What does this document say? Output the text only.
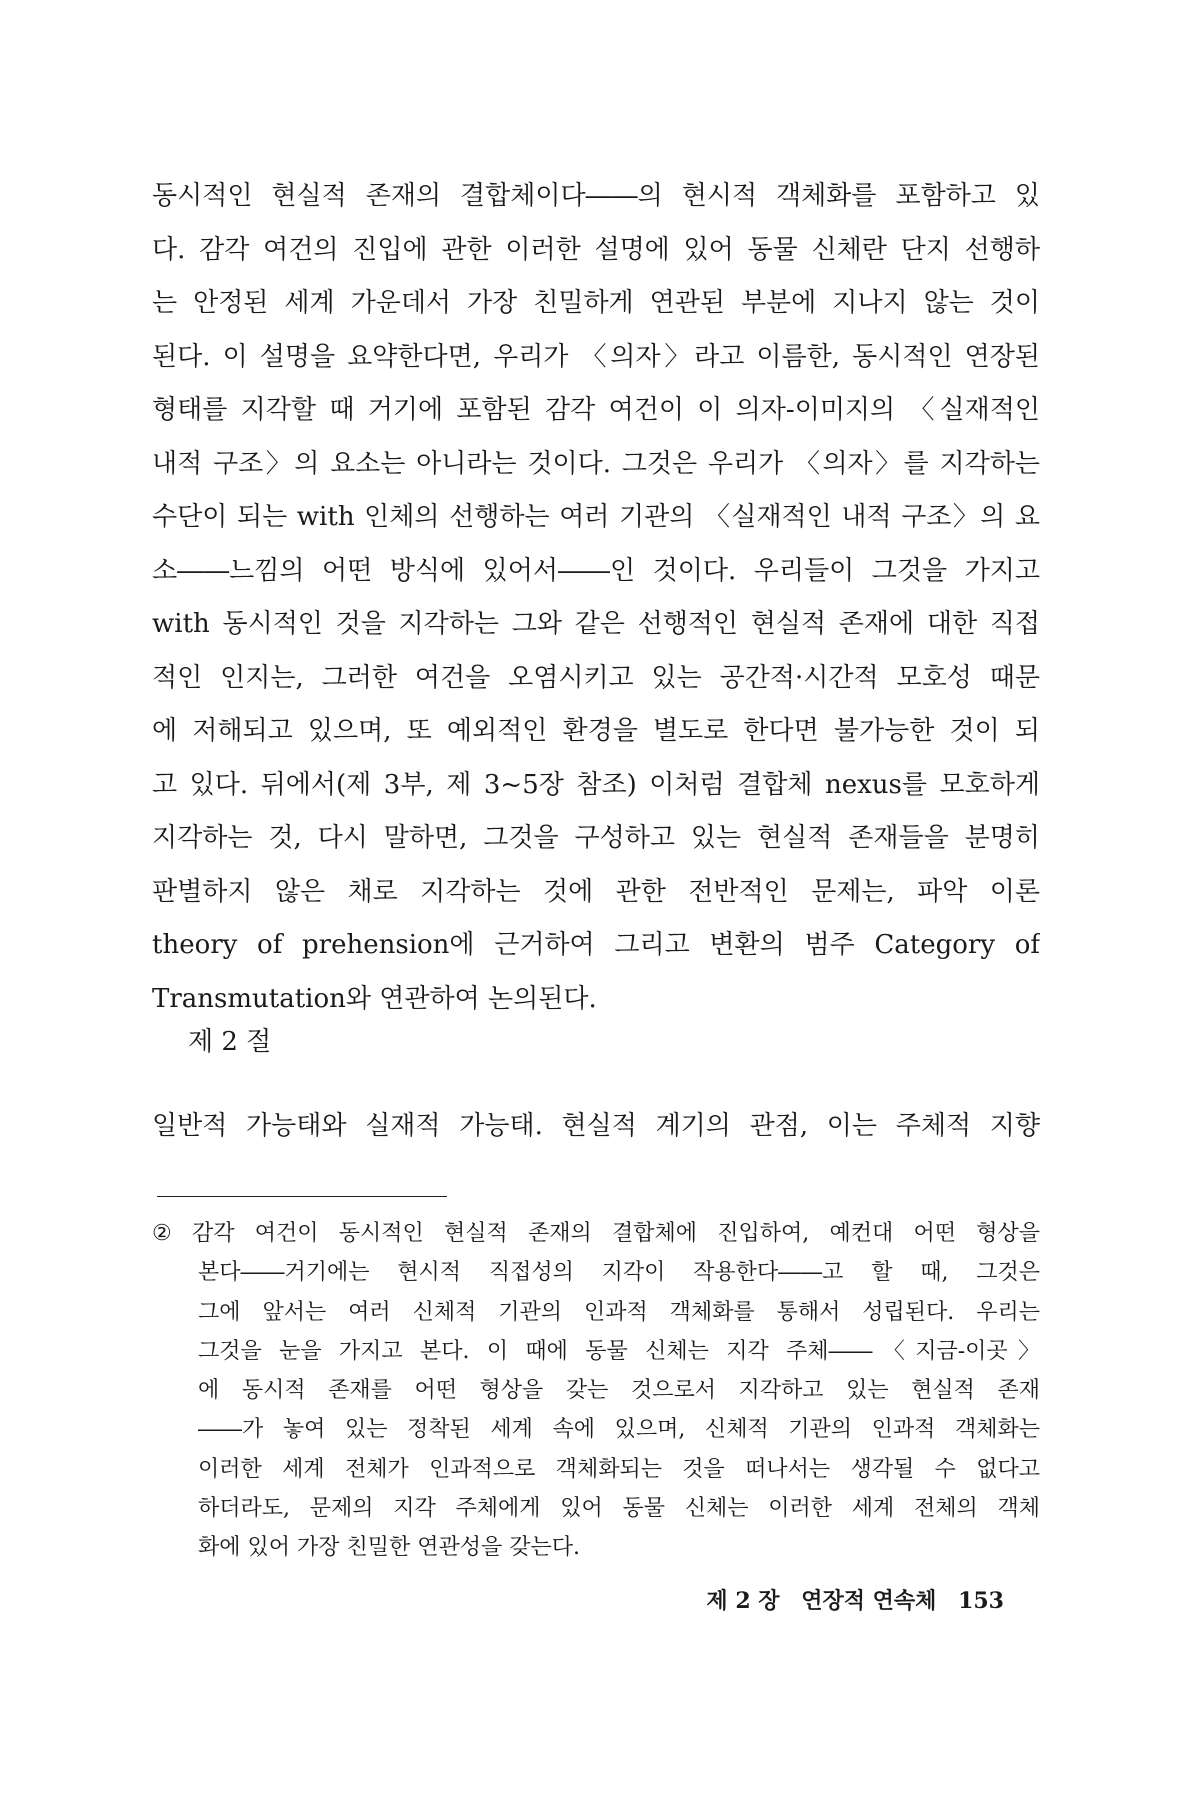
동시적인 현실적 존재의 결합체이다――의 현시적 객체화를 포함하고 있
다. 감각 여건의 진입에 관한 이러한 설명에 있어 동물 신체란 단지 선행하
는 안정된 세계 가운데서 가장 친밀하게 연관된 부분에 지나지 않는 것이
된다. 이 설명을 요약한다면, 우리가 〈의자〉라고 이름한, 동시적인 연장된
형태를 지각할 때 거기에 포함된 감각 여건이 이 의자-이미지의 〈실재적인
내적 구조〉의 요소는 아니라는 것이다. 그것은 우리가 〈의자〉를 지각하는
수단이 되는 with 인체의 선행하는 여러 기관의 〈실재적인 내적 구조〉의 요
소――느낌의 어떤 방식에 있어서――인 것이다. 우리들이 그것을 가지고
with 동시적인 것을 지각하는 그와 같은 선행적인 현실적 존재에 대한 직접
적인 인지는, 그러한 여건을 오염시키고 있는 공간적·시간적 모호성 때문
에 저해되고 있으며, 또 예외적인 환경을 별도로 한다면 불가능한 것이 되
고 있다. 뒤에서(제 3부, 제 3~5장 참조) 이처럼 결합체 nexus를 모호하게
지각하는 것, 다시 말하면, 그것을 구성하고 있는 현실적 존재들을 분명히
판별하지 않은 채로 지각하는 것에 관한 전반적인 문제는, 파악 이론
theory of prehension에 근거하여 그리고 변환의 범주 Category of
Transmutation와 연관하여 논의된다.
제 2 절
일반적 가능태와 실재적 가능태. 현실적 계기의 관점, 이는 주체적 지향
② 감각 여건이 동시적인 현실적 존재의 결합체에 진입하여, 예컨대 어떤 형상을
본다――거기에는 현시적 직접성의 지각이 작용한다――고 할 때, 그것은
그에 앞서는 여러 신체적 기관의 인과적 객체화를 통해서 성립된다. 우리는
그것을 눈을 가지고 본다. 이 때에 동물 신체는 지각 주체――〈지금-이곳〉
에 동시적 존재를 어떤 형상을 갖는 것으로서 지각하고 있는 현실적 존재
――가 놓여 있는 정착된 세계 속에 있으며, 신체적 기관의 인과적 객체화는
이러한 세계 전체가 인과적으로 객체화되는 것을 떠나서는 생각될 수 없다고
하더라도, 문제의 지각 주체에게 있어 동물 신체는 이러한 세계 전체의 객체
화에 있어 가장 친밀한 연관성을 갖는다.
제 2 장 연장적 연속체 153
